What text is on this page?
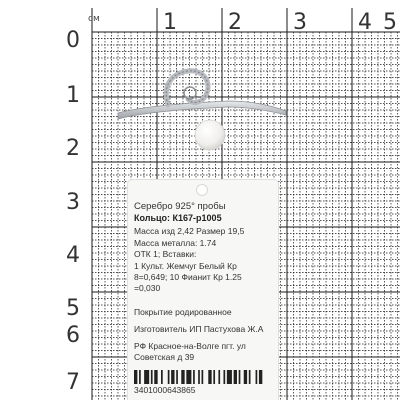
см	1 2 3 4 5
0
1
2
3
4
5
6
7
Серебро 925° пробы
Кольцо: К167-р1005
Масса изд 2,42 Размер 19,5
Масса металла: 1.74
ОТК 1; Вставки:
1 Культ. Жемчуг Белый Кр
8=0,649; 10 Фианит Кр 1.25
=0,030
Покрытие родированное
Изготовитель ИП Пастухова Ж.А
РФ Красное-на-Волге пгт. ул
Советская д 39
3401000643865
